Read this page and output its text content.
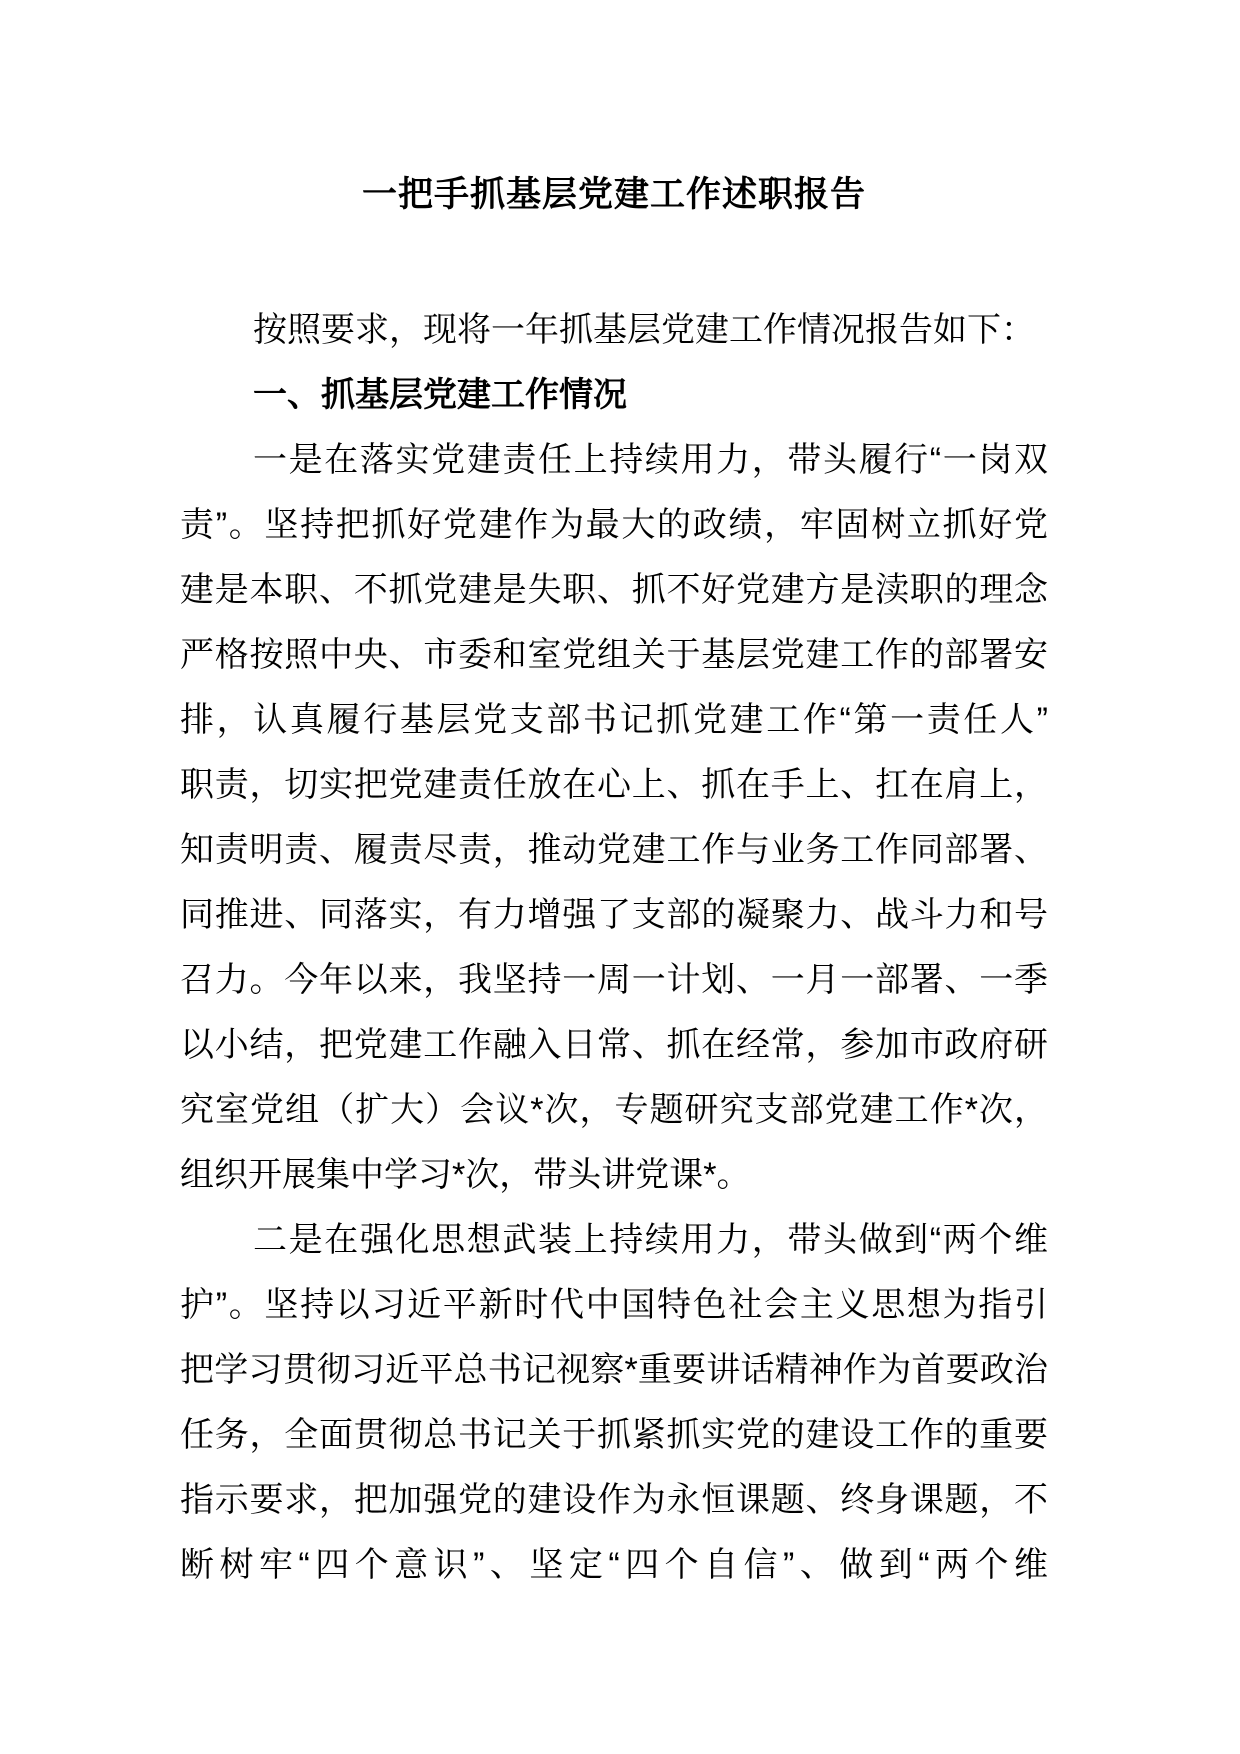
一把手抓基层党建工作述职报告
按照要求，现将一年抓基层党建工作情况报告如下：
一、抓基层党建工作情况
一是在落实党建责任上持续用力，带头履行“一岗双
责”。坚持把抓好党建作为最大的政绩，牢固树立抓好党
建是本职、不抓党建是失职、抓不好党建方是渎职的理念
严格按照中央、市委和室党组关于基层党建工作的部署安
排，认真履行基层党支部书记抓党建工作“第一责任人”
职责，切实把党建责任放在心上、抓在手上、扛在肩上，
知责明责、履责尽责，推动党建工作与业务工作同部署、
同推进、同落实，有力增强了支部的凝聚力、战斗力和号
召力。今年以来，我坚持一周一计划、一月一部署、一季
以小结，把党建工作融入日常、抓在经常，参加市政府研
究室党组（扩大）会议*次，专题研究支部党建工作*次，
组织开展集中学习*次，带头讲党课*。
二是在强化思想武装上持续用力，带头做到“两个维
护”。坚持以习近平新时代中国特色社会主义思想为指引
把学习贯彻习近平总书记视察*重要讲话精神作为首要政治
任务，全面贯彻总书记关于抓紧抓实党的建设工作的重要
指示要求，把加强党的建设作为永恒课题、终身课题，不
断树牢“四个意识”、坚定“四个自信”、做到“两个维
